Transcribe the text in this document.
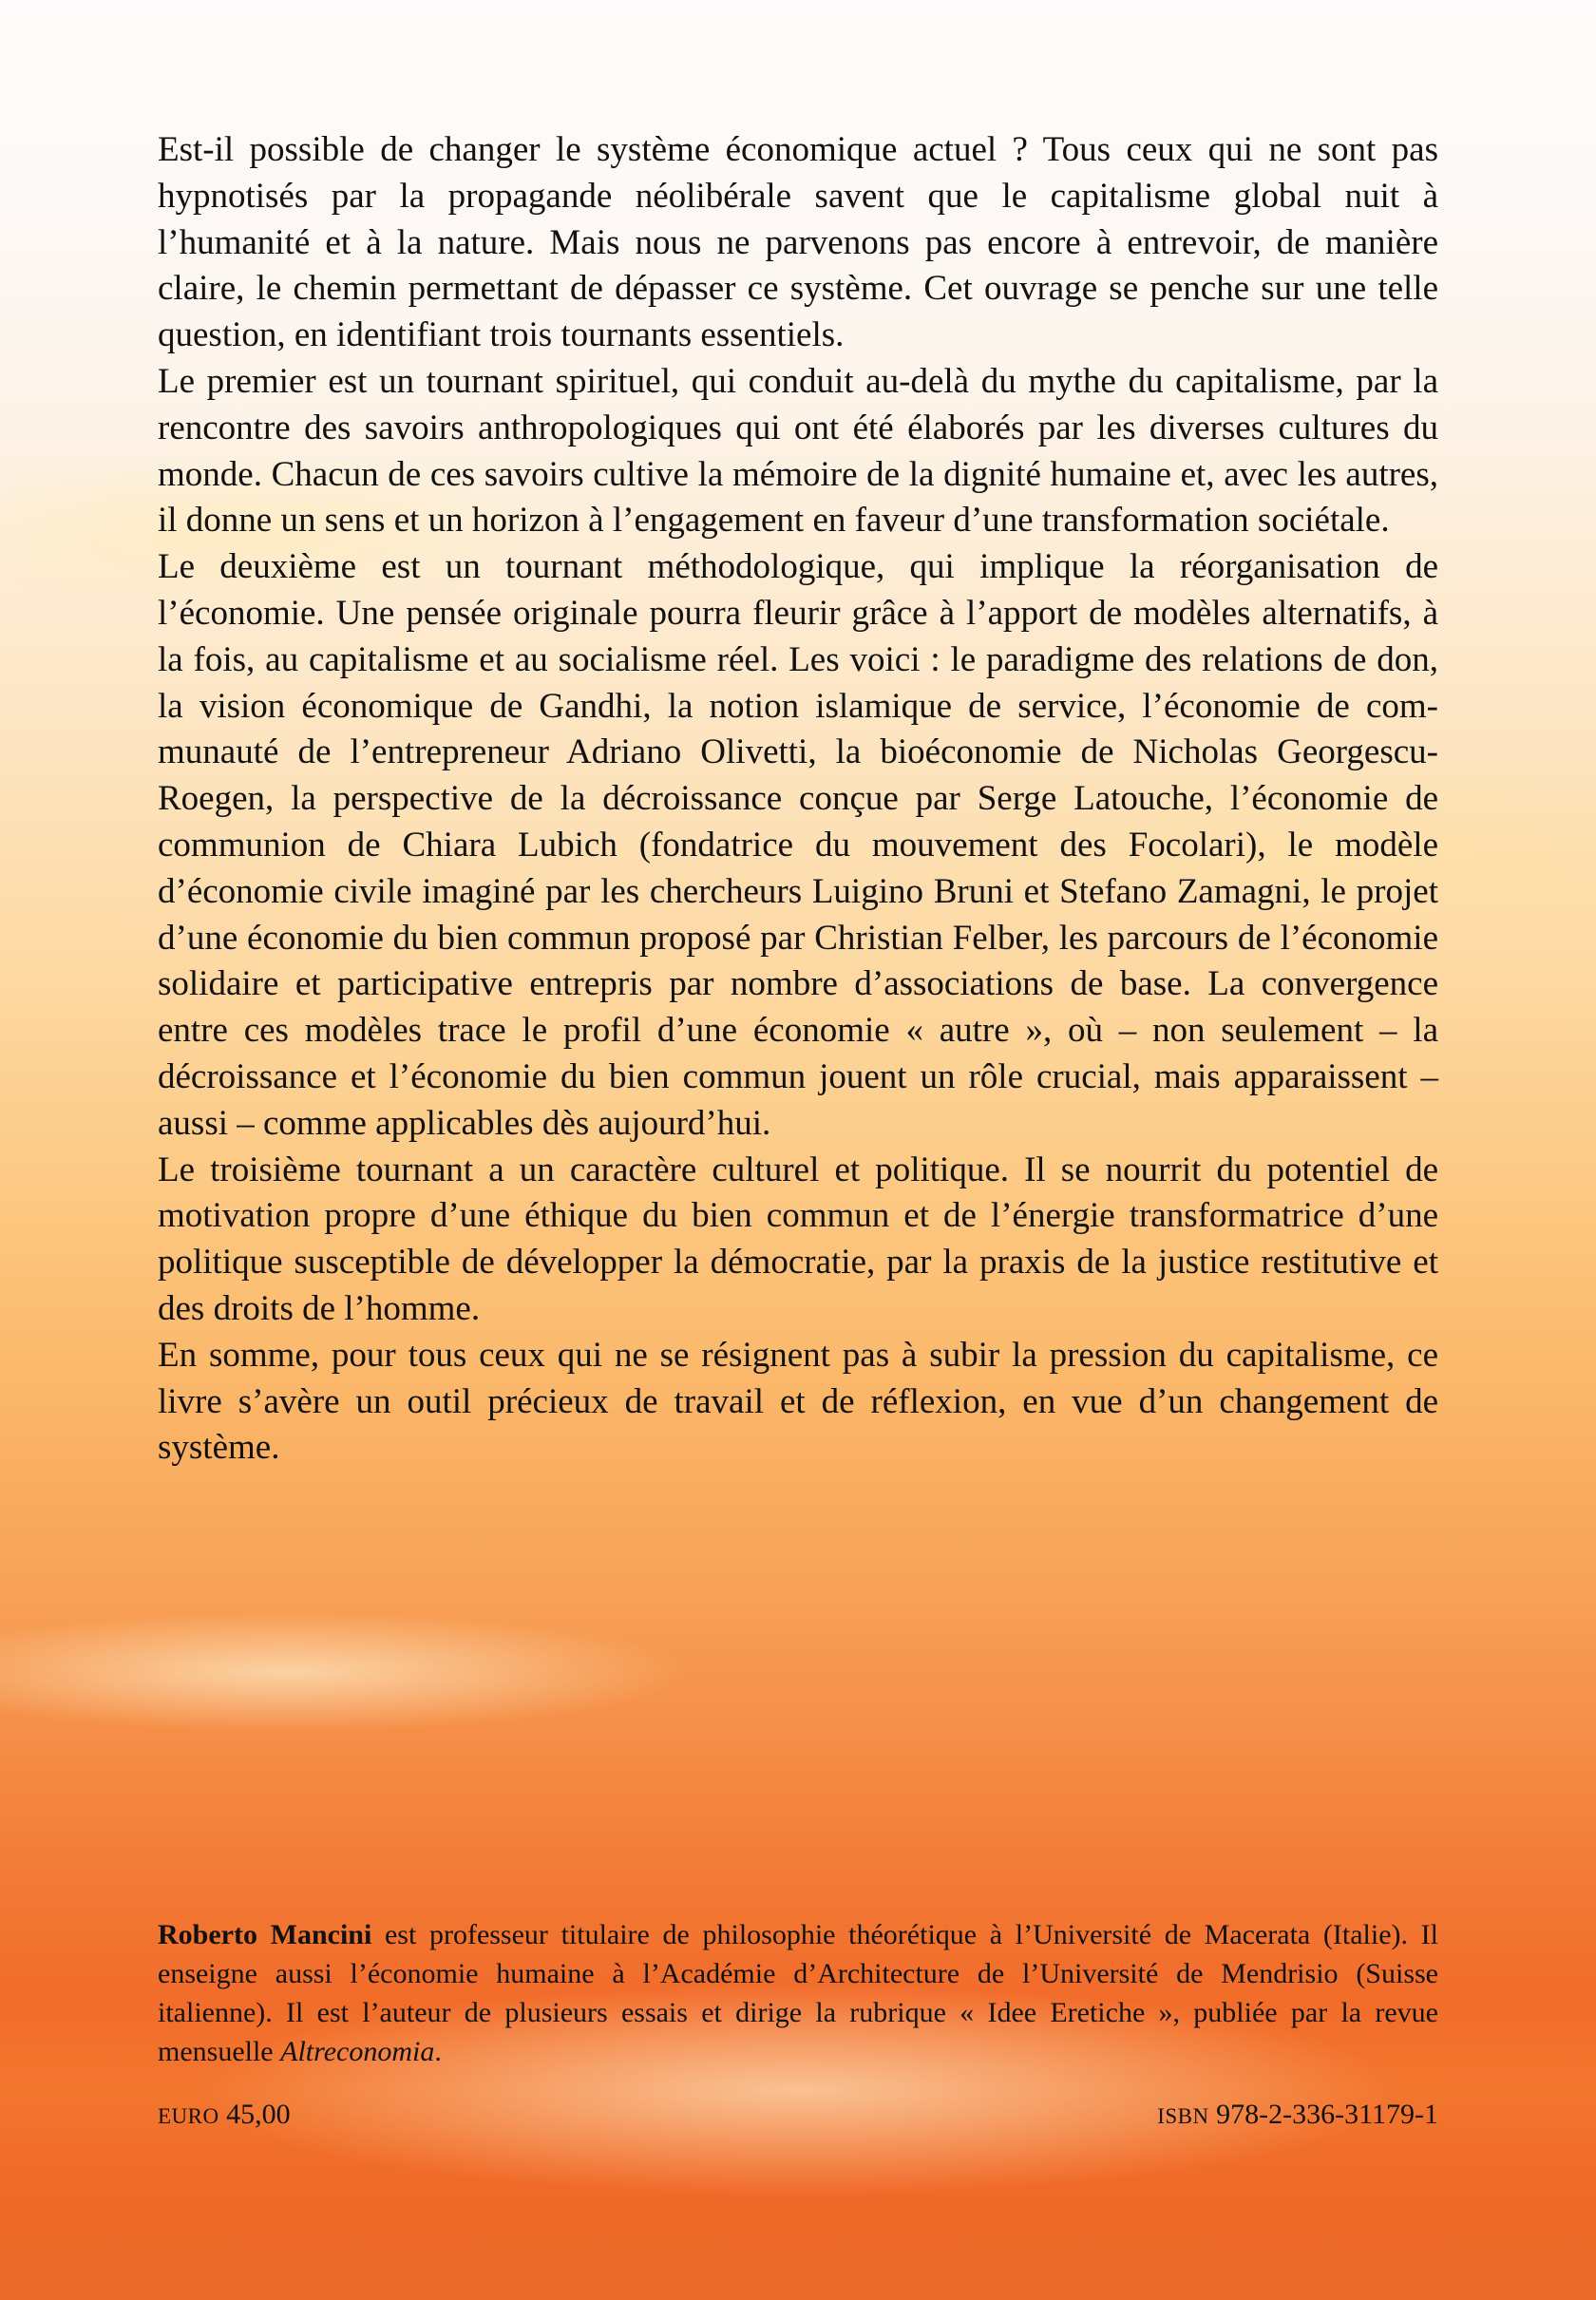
Est-il possible de changer le système économique actuel ? Tous ceux qui ne sont pas hypnotisés par la propagande néolibérale savent que le capitalisme global nuit à l’humanité et à la nature. Mais nous ne parvenons pas encore à entrevoir, de manière claire, le chemin permettant de dépasser ce système. Cet ouvrage se penche sur une telle question, en identifiant trois tournants essentiels.

Le premier est un tournant spirituel, qui conduit au-delà du mythe du capitalisme, par la rencontre des savoirs anthropologiques qui ont été élaborés par les diverses cultures du monde. Chacun de ces savoirs cultive la mémoire de la dignité humaine et, avec les autres, il donne un sens et un horizon à l’engagement en faveur d’une transformation sociétale.

Le deuxième est un tournant méthodologique, qui implique la réorganisation de l’économie. Une pensée originale pourra fleurir grâce à l’apport de modèles alternatifs, à la fois, au capitalisme et au socialisme réel. Les voici : le paradigme des relations de don, la vision économique de Gandhi, la notion islamique de service, l’économie de communauté de l’entrepreneur Adriano Olivetti, la bioéconomie de Nicholas Georgescu-Roegen, la perspective de la décroissance conçue par Serge Latouche, l’économie de communion de Chiara Lubich (fondatrice du mouvement des Focolari), le modèle d’économie civile imaginé par les chercheurs Luigino Bruni et Stefano Zamagni, le projet d’une économie du bien commun proposé par Christian Felber, les parcours de l’économie solidaire et participative entrepris par nombre d’associations de base. La convergence entre ces modèles trace le profil d’une économie « autre », où – non seulement – la décroissance et l’économie du bien commun jouent un rôle crucial, mais apparaissent – aussi – comme applicables dès aujourd’hui.

Le troisième tournant a un caractère culturel et politique. Il se nourrit du potentiel de motivation propre d’une éthique du bien commun et de l’énergie transformatrice d’une politique susceptible de développer la démocratie, par la praxis de la justice restitutive et des droits de l’homme.

En somme, pour tous ceux qui ne se résignent pas à subir la pression du capitalisme, ce livre s’avère un outil précieux de travail et de réflexion, en vue d’un changement de système.

Roberto Mancini est professeur titulaire de philosophie théorétique à l’Université de Macerata (Italie). Il enseigne aussi l’économie humaine à l’Académie d’Architecture de l’Université de Mendrisio (Suisse italienne). Il est l’auteur de plusieurs essais et dirige la rubrique « Idee Eretiche », publiée par la revue mensuelle Altreconomia.

EURO 45,00	ISBN 978-2-336-31179-1
